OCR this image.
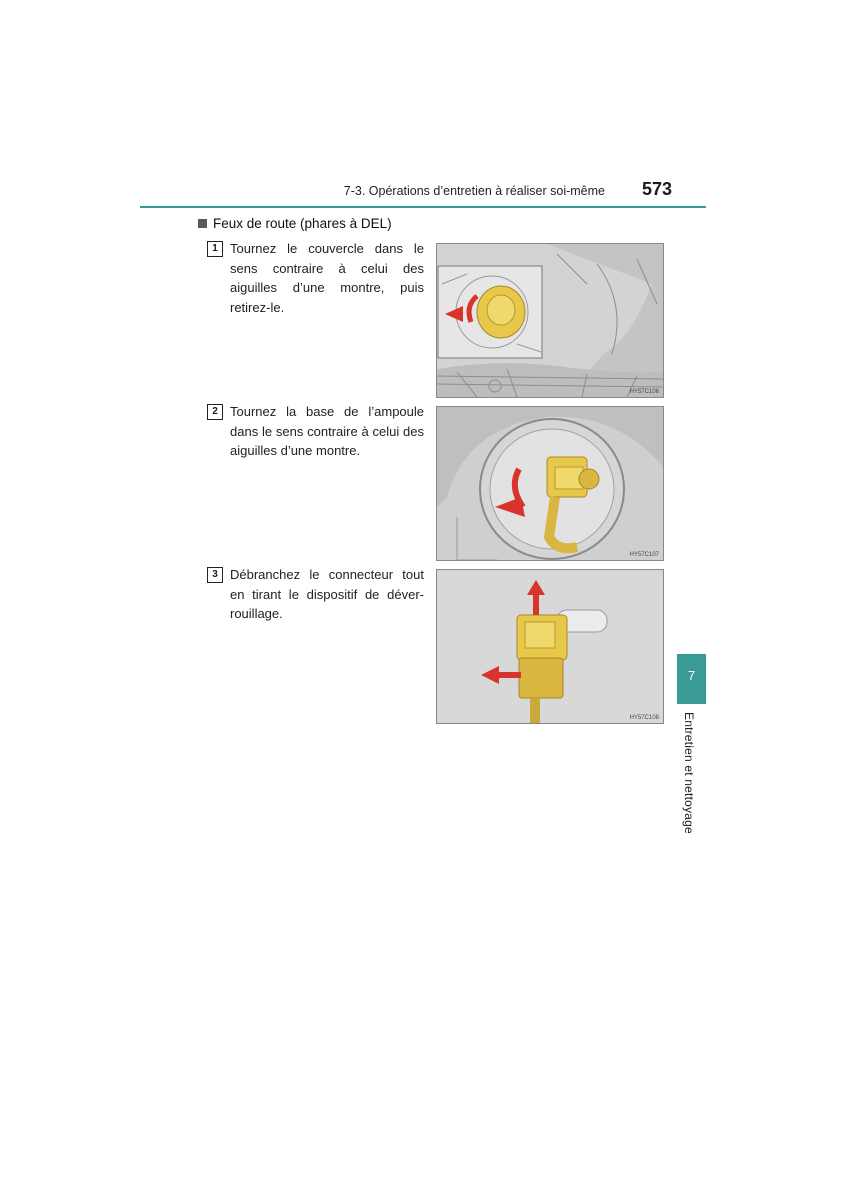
7-3. Opérations d’entretien à réaliser soi-même	573
Feux de route (phares à DEL)
1 Tournez le couvercle dans le sens contraire à celui des aiguilles d’une montre, puis retirez-le.
HY57C106
2 Tournez la base de l’ampoule dans le sens contraire à celui des aiguilles d’une montre.
HY57C107
3 Débranchez le connecteur tout en tirant le dispositif de déver-rouillage.
HY57C108
7
Entretien et nettoyage
